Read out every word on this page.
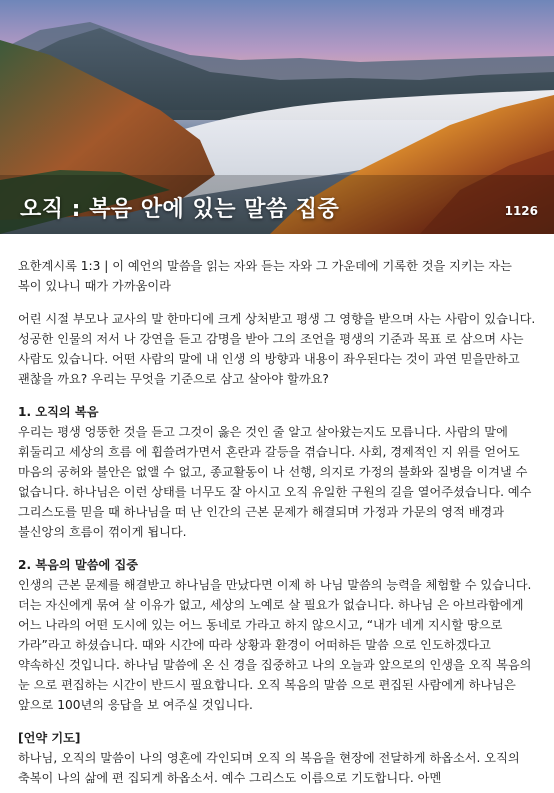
오직 : 복음 안에 있는 말씀 집중	1126

요한계시록 1:3 | 이 예언의 말씀을 읽는 자와 듣는 자와 그 가운데에 기록한 것을 지키는 자는 복이 있나니 때가 가까움이라

어린 시절 부모나 교사의 말 한마디에 크게 상처받고 평생 그 영향을 받으며 사는 사람이 있습니다. 성공한 인물의 저서 나 강연을 듣고 감명을 받아 그의 조언을 평생의 기준과 목표 로 삼으며 사는 사람도 있습니다. 어떤 사람의 말에 내 인생 의 방향과 내용이 좌우된다는 것이 과연 믿을만하고 괜찮을 까요? 우리는 무엇을 기준으로 삼고 살아야 할까요?

1. 오직의 복음

우리는 평생 엉뚱한 것을 듣고 그것이 옳은 것인 줄 알고 살아왔는지도 모릅니다. 사람의 말에 휘둘리고 세상의 흐름 에 휩쓸려가면서 혼란과 갈등을 겪습니다. 사회, 경제적인 지 위를 얻어도 마음의 공허와 불안은 없앨 수 없고, 종교활동이 나 선행, 의지로 가정의 불화와 질병을 이겨낼 수 없습니다. 하나님은 이런 상태를 너무도 잘 아시고 오직 유일한 구원의 길을 열어주셨습니다. 예수 그리스도를 믿을 때 하나님을 떠 난 인간의 근본 문제가 해결되며 가정과 가문의 영적 배경과 불신앙의 흐름이 꺾이게 됩니다.

2. 복음의 말씀에 집중

인생의 근본 문제를 해결받고 하나님을 만났다면 이제 하 나님 말씀의 능력을 체험할 수 있습니다. 더는 자신에게 묶여 살 이유가 없고, 세상의 노예로 살 필요가 없습니다. 하나님 은 아브라함에게 어느 나라의 어떤 도시에 있는 어느 동네로 가라고 하지 않으시고, “내가 네게 지시할 땅으로 가라”라고 하셨습니다. 때와 시간에 따라 상황과 환경이 어떠하든 말씀 으로 인도하겠다고 약속하신 것입니다. 하나님 말씀에 온 신 경을 집중하고 나의 오늘과 앞으로의 인생을 오직 복음의 눈 으로 편집하는 시간이 반드시 필요합니다. 오직 복음의 말씀 으로 편집된 사람에게 하나님은 앞으로 100년의 응답을 보 여주실 것입니다.

[언약 기도]

하나님, 오직의 말씀이 나의 영혼에 각인되며 오직 의 복음을 현장에 전달하게 하옵소서. 오직의 축복이 나의 삶에 편 집되게 하옵소서. 예수 그리스도 이름으로 기도합니다. 아멘
